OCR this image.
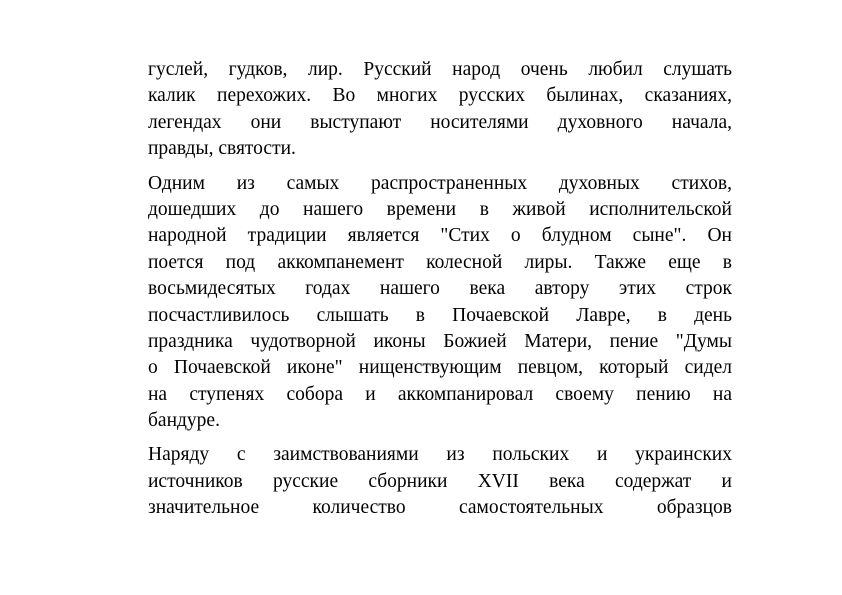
гуслей, гудков, лир. Русский народ очень любил слушать
калик перехожих. Во многих русских былинах, сказаниях,
легендах они выступают носителями духовного начала,
правды, святости.
Одним из самых распространенных духовных стихов,
дошедших до нашего времени в живой исполнительской
народной традиции является "Стих о блудном сыне". Он
поется под аккомпанемент колесной лиры. Также еще в
восьмидесятых годах нашего века автору этих строк
посчастливилось слышать в Почаевской Лавре, в день
праздника чудотворной иконы Божией Матери, пение "Думы
о Почаевской иконе" нищенствующим певцом, который сидел
на ступенях собора и аккомпанировал своему пению на
бандуре.
Наряду с заимствованиями из польских и украинских
источников русские сборники XVII века содержат и
значительное количество самостоятельных образцов
